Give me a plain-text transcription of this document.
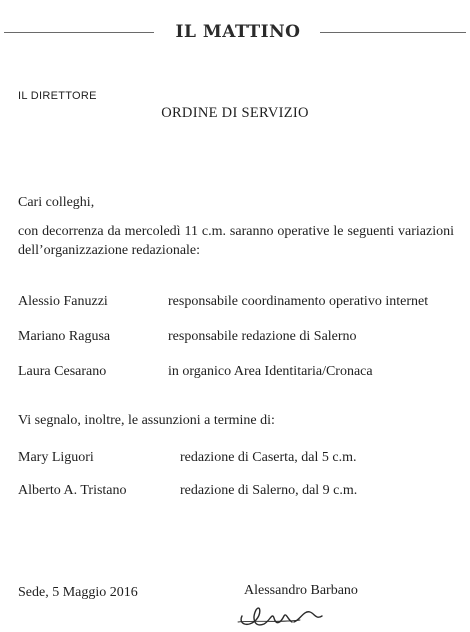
IL MATTINO
IL DIRETTORE
ORDINE DI SERVIZIO
Cari colleghi,
con decorrenza da mercoledì 11 c.m. saranno operative le seguenti variazioni dell’organizzazione redazionale:
Alessio Fanuzzi	responsabile coordinamento operativo internet
Mariano Ragusa	responsabile redazione di Salerno
Laura Cesarano	in organico Area Identitaria/Cronaca
Vi segnalo, inoltre, le assunzioni a termine di:
Mary Liguori	redazione di Caserta, dal 5 c.m.
Alberto A. Tristano	redazione di Salerno, dal 9 c.m.
Sede, 5 Maggio 2016	Alessandro Barbano
